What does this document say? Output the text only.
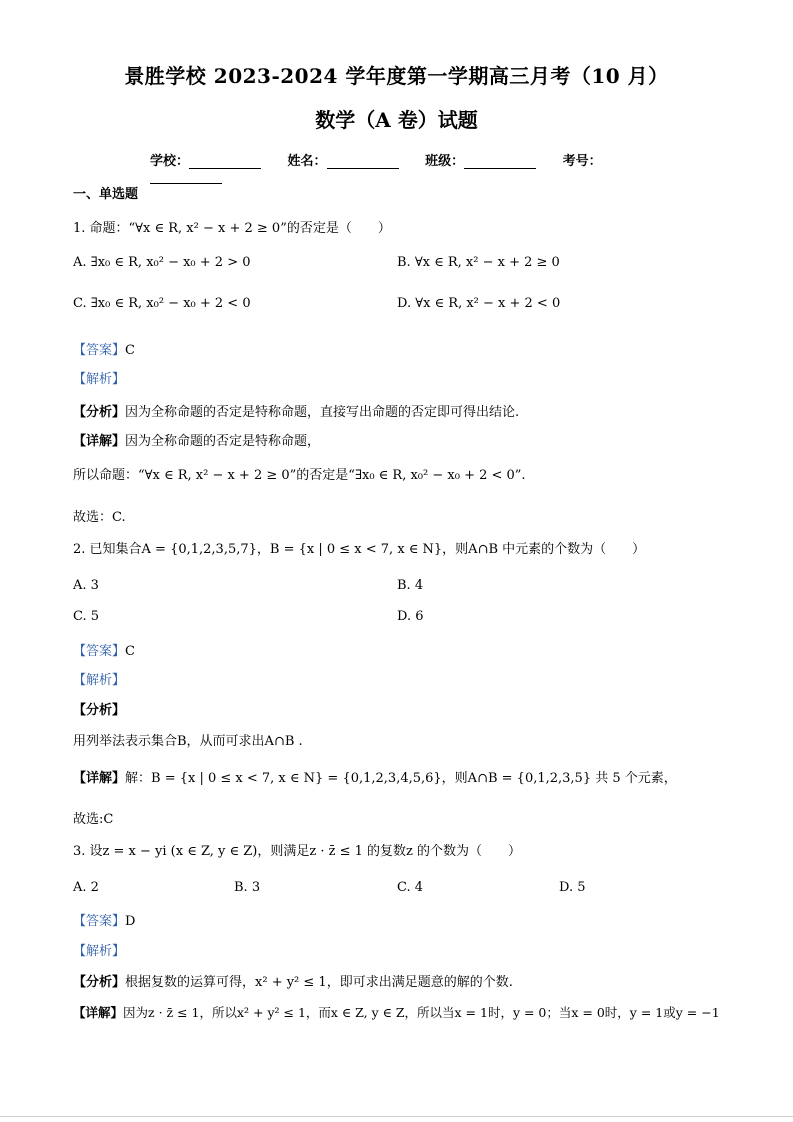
景胜学校 2023-2024 学年度第一学期高三月考（10 月）
数学（A 卷）试题
学校：	姓名：	班级：	考号：
一、单选题
1. 命题：“∀x ∈ R, x² − x + 2 ≥ 0”的否定是（　　）
A. ∃x₀ ∈ R, x₀² − x₀ + 2 > 0	B. ∀x ∈ R, x² − x + 2 ≥ 0
C. ∃x₀ ∈ R, x₀² − x₀ + 2 < 0	D. ∀x ∈ R, x² − x + 2 < 0
【答案】C
【解析】
【分析】因为全称命题的否定是特称命题，直接写出命题的否定即可得出结论.
【详解】因为全称命题的否定是特称命题，
所以命题：“∀x ∈ R, x² − x + 2 ≥ 0”的否定是“∃x₀ ∈ R, x₀² − x₀ + 2 < 0”.
故选：C.
2. 已知集合A = {0,1,2,3,5,7}，B = {x | 0 ≤ x < 7, x ∈ N}，则A∩B 中元素的个数为（　　）
A. 3	B. 4
C. 5	D. 6
【答案】C
【解析】
【分析】
用列举法表示集合B，从而可求出A∩B .
【详解】解：B = {x | 0 ≤ x < 7, x ∈ N} = {0,1,2,3,4,5,6}，则A∩B = {0,1,2,3,5} 共 5 个元素，
故选:C
3. 设z = x − yi (x ∈ Z, y ∈ Z)，则满足z · z̄ ≤ 1 的复数z 的个数为（　　）
A. 2	B. 3	C. 4	D. 5
【答案】D
【解析】
【分析】根据复数的运算可得，x² + y² ≤ 1，即可求出满足题意的解的个数.
【详解】因为z · z̄ ≤ 1，所以x² + y² ≤ 1，而x ∈ Z, y ∈ Z，所以当x = 1时，y = 0；当x = 0时，y = 1或y = −1
